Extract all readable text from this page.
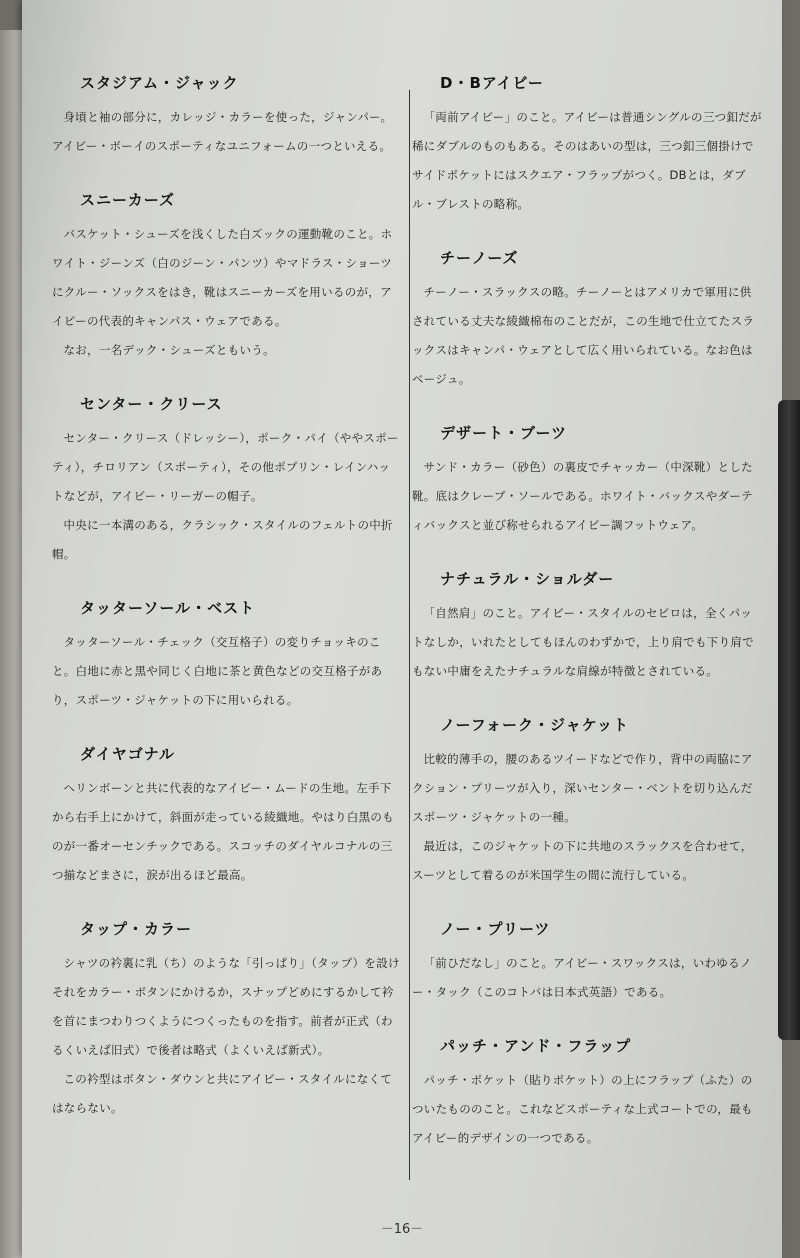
スタジアム・ジャック

身頃と袖の部分に，カレッジ・カラーを使った，ジャンパー。アイビー・ボーイのスポーティなユニフォームの一つといえる。

スニーカーズ

バスケット・シューズを浅くした白ズックの運動靴のこと。ホワイト・ジーンズ（白のジーン・パンツ）やマドラス・ショーツにクルー・ソックスをはき，靴はスニーカーズを用いるのが，アイビーの代表的キャンパス・ウェアである。

なお，一名デック・シューズともいう。

センター・クリース

センター・クリース（ドレッシー），ポーク・パイ（ややスポーティ），チロリアン（スポーティ），その他ポプリン・レインハットなどが，アイビー・リーガーの帽子。

中央に一本溝のある，クラシック・スタイルのフェルトの中折帽。

タッターソール・ベスト

タッターソール・チェック（交互格子）の変りチョッキのこと。白地に赤と黒や同じく白地に茶と黄色などの交互格子があり，スポーツ・ジャケットの下に用いられる。

ダイヤゴナル

ヘリンボーンと共に代表的なアイビー・ムードの生地。左手下から右手上にかけて，斜面が走っている綾織地。やはり白黒のものが一番オーセンチックである。スコッチのダイヤルコナルの三つ揃などまさに，涙が出るほど最高。

タップ・カラー

シャツの衿裏に乳（ち）のような「引っぱり」（タップ）を設けそれをカラー・ボタンにかけるか，スナップどめにするかして衿を首にまつわりつくようにつくったものを指す。前者が正式（わるくいえば旧式）で後者は略式（よくいえば新式）。

この衿型はボタン・ダウンと共にアイビー・スタイルになくてはならない。

D・Bアイビー

「両前アイビー」のこと。アイビーは普通シングルの三つ釦だが稀にダブルのものもある。そのはあいの型は，三つ釦三個掛けでサイドポケットにはスクエア・フラップがつく。DBとは，ダブル・ブレストの略称。

チーノーズ

チーノー・スラックスの略。チーノーとはアメリカで軍用に供されている丈夫な綾織棉布のことだが，この生地で仕立てたスラックスはキャンパ・ウェアとして広く用いられている。なお色はベージュ。

デザート・ブーツ

サンド・カラー（砂色）の裏皮でチャッカー（中深靴）とした靴。底はクレープ・ソールである。ホワイト・バックスやダーティバックスと並び称せられるアイビー調フットウェア。

ナチュラル・ショルダー

「自然肩」のこと。アイビー・スタイルのセビロは，全くパットなしか，いれたとしてもほんのわずかで，上り肩でも下り肩でもない中庸をえたナチュラルな肩線が特徴とされている。

ノーフォーク・ジャケット

比較的薄手の，腰のあるツイードなどで作り，背中の両脇にアクション・プリーツが入り，深いセンター・ベントを切り込んだスポーツ・ジャケットの一種。

最近は，このジャケットの下に共地のスラックスを合わせて，スーツとして着るのが米国学生の間に流行している。

ノー・プリーツ

「前ひだなし」のこと。アイビー・スワックスは，いわゆるノー・タック（このコトバは日本式英語）である。

パッチ・アンド・フラップ

パッチ・ポケット（貼りポケット）の上にフラップ（ふた）のついたもののこと。これなどスポーティな上式コートでの，最もアイビー的デザインの一つである。

－16－
